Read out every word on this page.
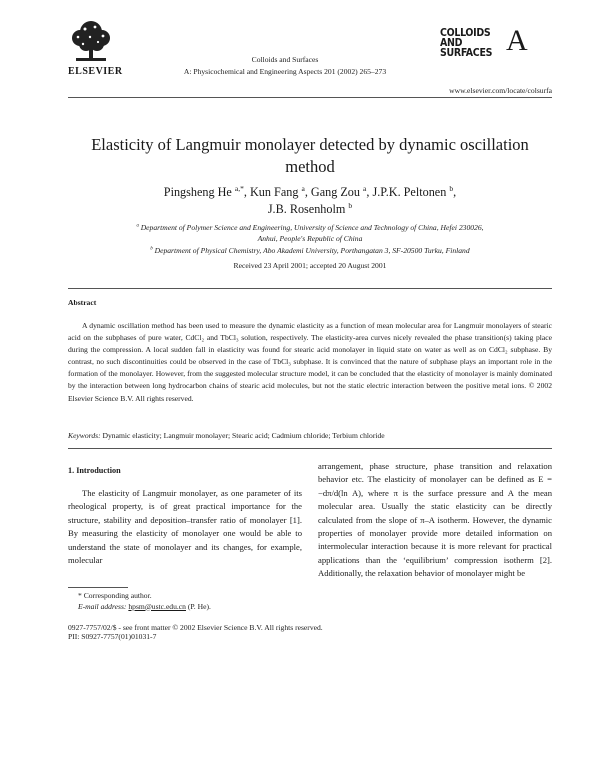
ELSEVIER
Colloids and Surfaces
A: Physicochemical and Engineering Aspects 201 (2002) 265–273
COLLOIDS
AND
SURFACES A
www.elsevier.com/locate/colsurfa
Elasticity of Langmuir monolayer detected by dynamic oscillation method
Pingsheng He $^{a,*}$, Kun Fang $^a$, Gang Zou $^a$, J.P.K. Peltonen $^b$,
J.B. Rosenholm $^b$
$^a$ Department of Polymer Science and Engineering, University of Science and Technology of China, Hefei 230026,
Anhui, People's Republic of China
$^b$ Department of Physical Chemistry, Abo Akademi University, Porthangatan 3, SF-20500 Turku, Finland
Received 23 April 2001; accepted 20 August 2001
Abstract
A dynamic oscillation method has been used to measure the dynamic elasticity as a function of mean molecular area for Langmuir monolayers of stearic acid on the subphases of pure water, CdCl₂ and TbCl₃ solution, respectively. The elasticity-area curves nicely revealed the phase transition(s) taking place during the compression. A local sudden fall in elasticity was found for stearic acid monolayer in liquid state on water as well as on CdCl₂ subphase. By contrast, no such discontinuities could be observed in the case of TbCl₃ subphase. It is convinced that the nature of subphase plays an important role in the formation of the monolayer. However, from the suggested molecular structure model, it can be concluded that the elasticity of monolayer is mainly dominated by the interaction between long hydrocarbon chains of stearic acid molecules, but not the static electric interaction between the positive metal ions. © 2002 Elsevier Science B.V. All rights reserved.
Keywords: Dynamic elasticity; Langmuir monolayer; Stearic acid; Cadmium chloride; Terbium chloride
1. Introduction
The elasticity of Langmuir monolayer, as one parameter of its rheological property, is of great practical importance for the structure, stability and deposition–transfer ratio of monolayer [1]. By measuring the elasticity of monolayer one would be able to understand the state of monolayer and its changes, for example, molecular
arrangement, phase structure, phase transition and relaxation behavior etc. The elasticity of monolayer can be defined as E = −dπ/d(ln A), where π is the surface pressure and A the mean molecular area. Usually the static elasticity can be directly calculated from the slope of π–A isotherm. However, the dynamic properties of monolayer provide more detailed information on intermolecular interaction because it is more relevant for practical applications than the ‘equilibrium’ compression isotherm [2]. Additionally, the relaxation behavior of monolayer might be
* Corresponding author.
E-mail address: hpsm@ustc.edu.cn (P. He).
0927-7757/02/$ - see front matter © 2002 Elsevier Science B.V. All rights reserved.
PII: S0927-7757(01)01031-7
